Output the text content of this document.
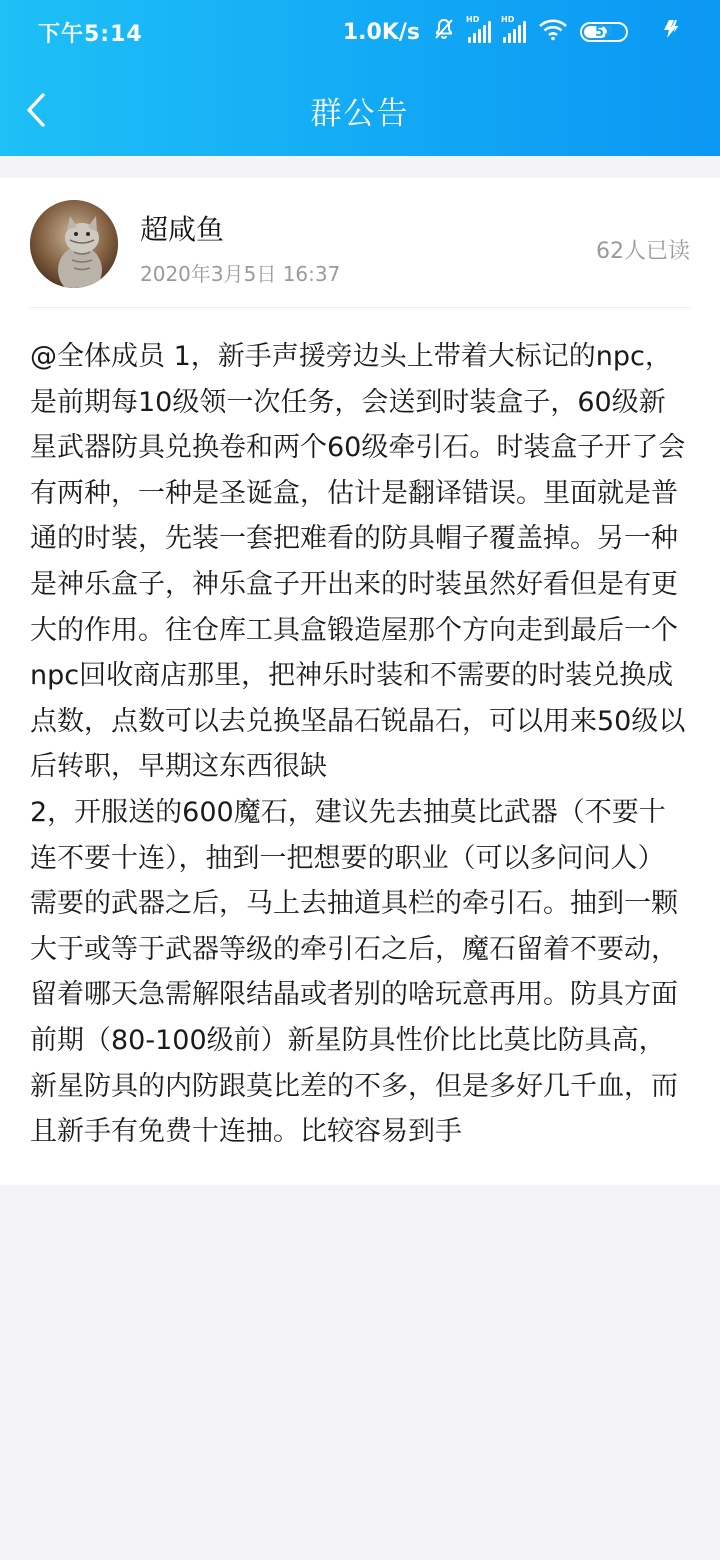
下午5:14	1.0K/s	HD	HD
52
群公告
超咸鱼
2020年3月5日 16:37
62人已读
@全体成员 1，新手声援旁边头上带着大标记的npc，是前期每10级领一次任务，会送到时装盒子，60级新星武器防具兑换卷和两个60级牵引石。时装盒子开了会有两种，一种是圣诞盒，估计是翻译错误。里面就是普通的时装，先装一套把难看的防具帽子覆盖掉。另一种是神乐盒子，神乐盒子开出来的时装虽然好看但是有更大的作用。往仓库工具盒锻造屋那个方向走到最后一个npc回收商店那里，把神乐时装和不需要的时装兑换成点数，点数可以去兑换坚晶石锐晶石，可以用来50级以后转职，早期这东西很缺
2，开服送的600魔石，建议先去抽莫比武器（不要十连不要十连），抽到一把想要的职业（可以多问问人）需要的武器之后，马上去抽道具栏的牵引石。抽到一颗大于或等于武器等级的牵引石之后，魔石留着不要动，留着哪天急需解限结晶或者别的啥玩意再用。防具方面前期（80-100级前）新星防具性价比比莫比防具高，新星防具的内防跟莫比差的不多，但是多好几千血，而且新手有免费十连抽。比较容易到手
